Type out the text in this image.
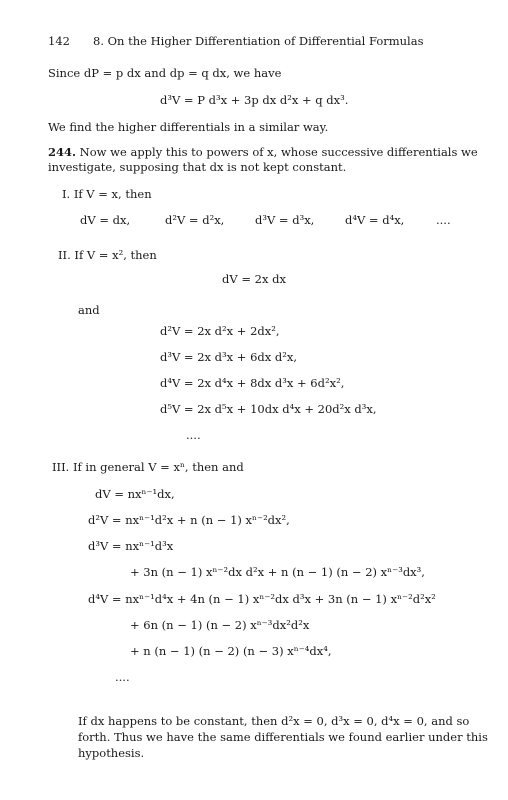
142 8. On the Higher Differentiation of Differential Formulas
Since dP = p dx and dp = q dx, we have
d³V = P d³x + 3p dx d²x + q dx³.
We find the higher differentials in a similar way.
244. Now we apply this to powers of x, whose successive differentials we
investigate, supposing that dx is not kept constant.
I. If V = x, then
dV = dx,	d²V = d²x,	d³V = d³x,	d⁴V = d⁴x,	....
II. If V = x², then
dV = 2x dx
and
d²V = 2x d²x + 2dx²,
d³V = 2x d³x + 6dx d²x,
d⁴V = 2x d⁴x + 8dx d³x + 6d²x²,
d⁵V = 2x d⁵x + 10dx d⁴x + 20d²x d³x,
....
III. If in general V = xⁿ, then and
dV = nxⁿ⁻¹dx,
d²V = nxⁿ⁻¹d²x + n (n − 1) xⁿ⁻²dx²,
d³V = nxⁿ⁻¹d³x
+ 3n (n − 1) xⁿ⁻²dx d²x + n (n − 1) (n − 2) xⁿ⁻³dx³,
d⁴V = nxⁿ⁻¹d⁴x + 4n (n − 1) xⁿ⁻²dx d³x + 3n (n − 1) xⁿ⁻²d²x²
+ 6n (n − 1) (n − 2) xⁿ⁻³dx²d²x
+ n (n − 1) (n − 2) (n − 3) xⁿ⁻⁴dx⁴,
....
If dx happens to be constant, then d²x = 0, d³x = 0, d⁴x = 0, and so
forth. Thus we have the same differentials we found earlier under this
hypothesis.
